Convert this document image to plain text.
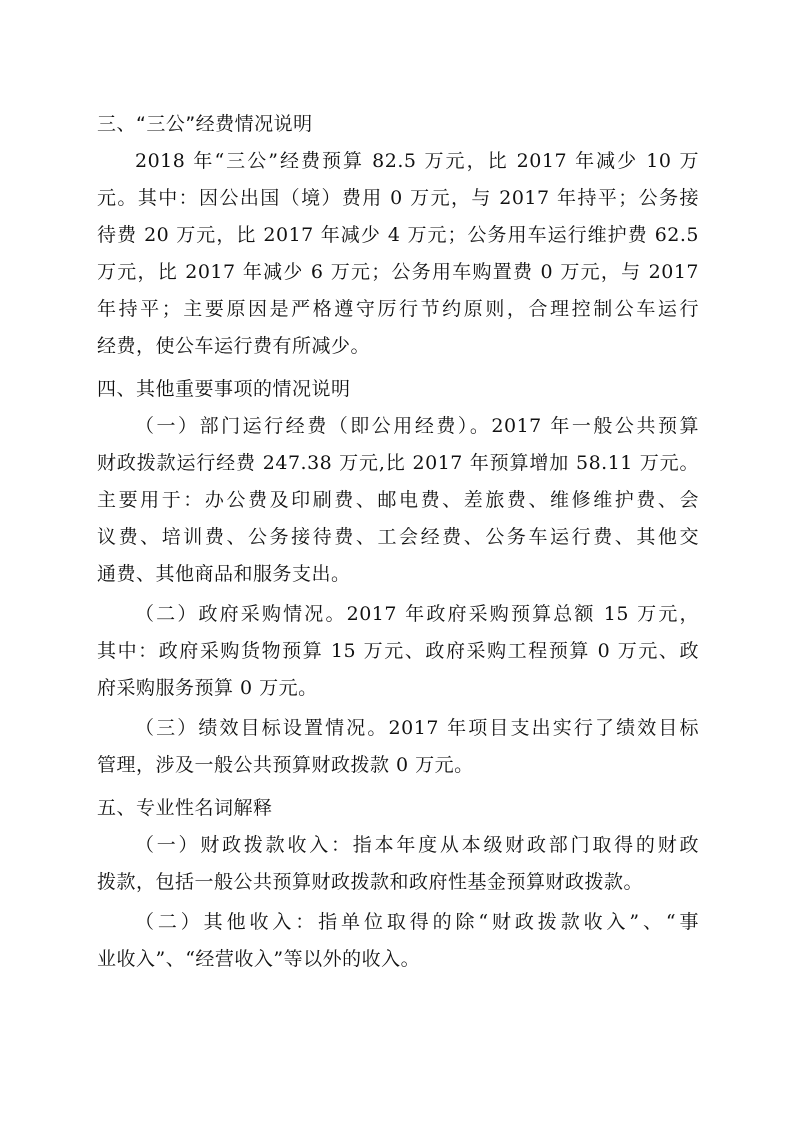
三、“三公”经费情况说明
2018 年“三公”经费预算 82.5 万元，比 2017 年减少 10 万
元。其中：因公出国（境）费用 0 万元，与 2017 年持平；公务接
待费 20 万元，比 2017 年减少 4 万元；公务用车运行维护费 62.5
万元，比 2017 年减少 6 万元；公务用车购置费 0 万元，与 2017
年持平；主要原因是严格遵守厉行节约原则，合理控制公车运行
经费，使公车运行费有所减少。
四、其他重要事项的情况说明
（一）部门运行经费（即公用经费）。2017 年一般公共预算
财政拨款运行经费 247.38 万元,比 2017 年预算增加 58.11 万元。
主要用于：办公费及印刷费、邮电费、差旅费、维修维护费、会
议费、培训费、公务接待费、工会经费、公务车运行费、其他交
通费、其他商品和服务支出。
（二）政府采购情况。2017 年政府采购预算总额 15 万元，
其中：政府采购货物预算 15 万元、政府采购工程预算 0 万元、政
府采购服务预算 0 万元。
（三）绩效目标设置情况。2017 年项目支出实行了绩效目标
管理，涉及一般公共预算财政拨款 0 万元。
五、专业性名词解释
（一）财政拨款收入：指本年度从本级财政部门取得的财政
拨款，包括一般公共预算财政拨款和政府性基金预算财政拨款。
（二）其他收入：指单位取得的除“财政拨款收入”、“事
业收入”、“经营收入”等以外的收入。
